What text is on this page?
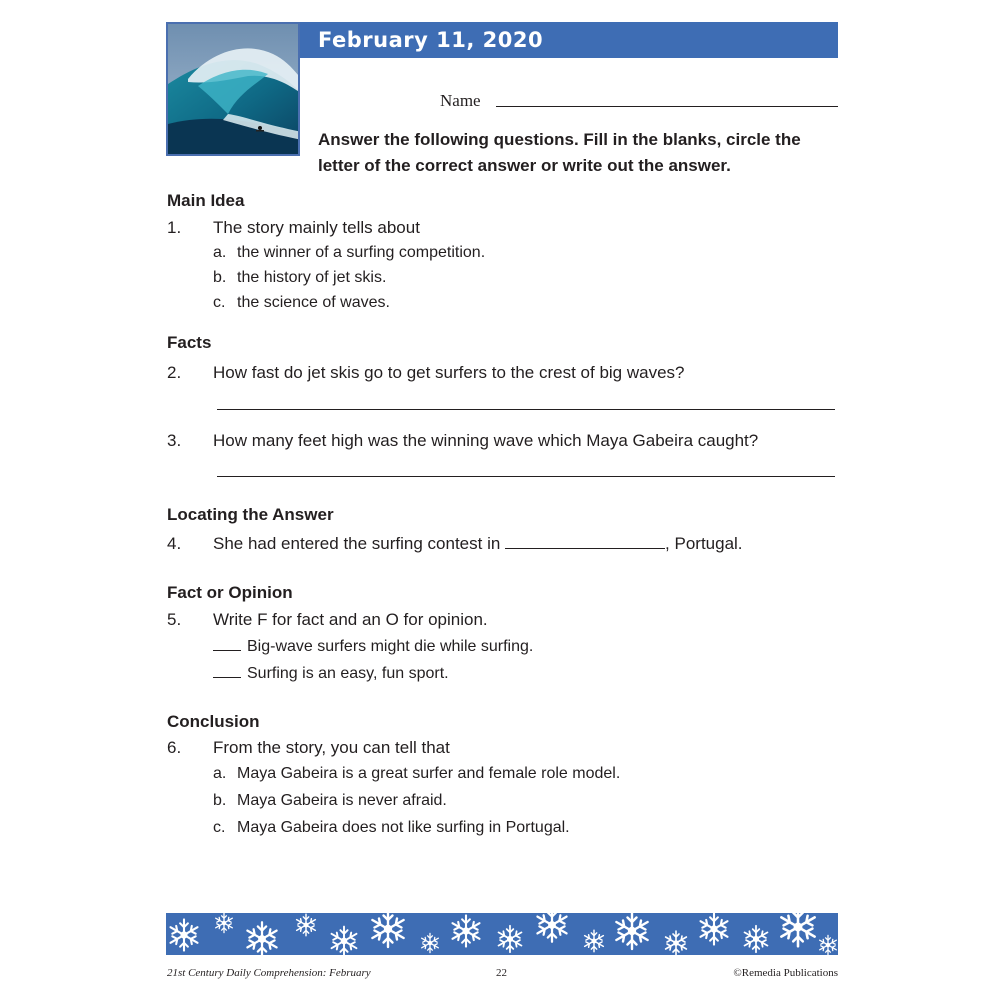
February 11, 2020
Name
Answer the following questions. Fill in the blanks, circle the letter of the correct answer or write out the answer.
Main Idea
1. The story mainly tells about
a. the winner of a surfing competition.
b. the history of jet skis.
c. the science of waves.
Facts
2. How fast do jet skis go to get surfers to the crest of big waves?
3. How many feet high was the winning wave which Maya Gabeira caught?
Locating the Answer
4. She had entered the surfing contest in	, Portugal.
Fact or Opinion
5. Write F for fact and an O for opinion.
Big-wave surfers might die while surfing.
Surfing is an easy, fun sport.
Conclusion
6. From the story, you can tell that
a. Maya Gabeira is a great surfer and female role model.
b. Maya Gabeira is never afraid.
c. Maya Gabeira does not like surfing in Portugal.
21st Century Daily Comprehension: February	22	©Remedia Publications
